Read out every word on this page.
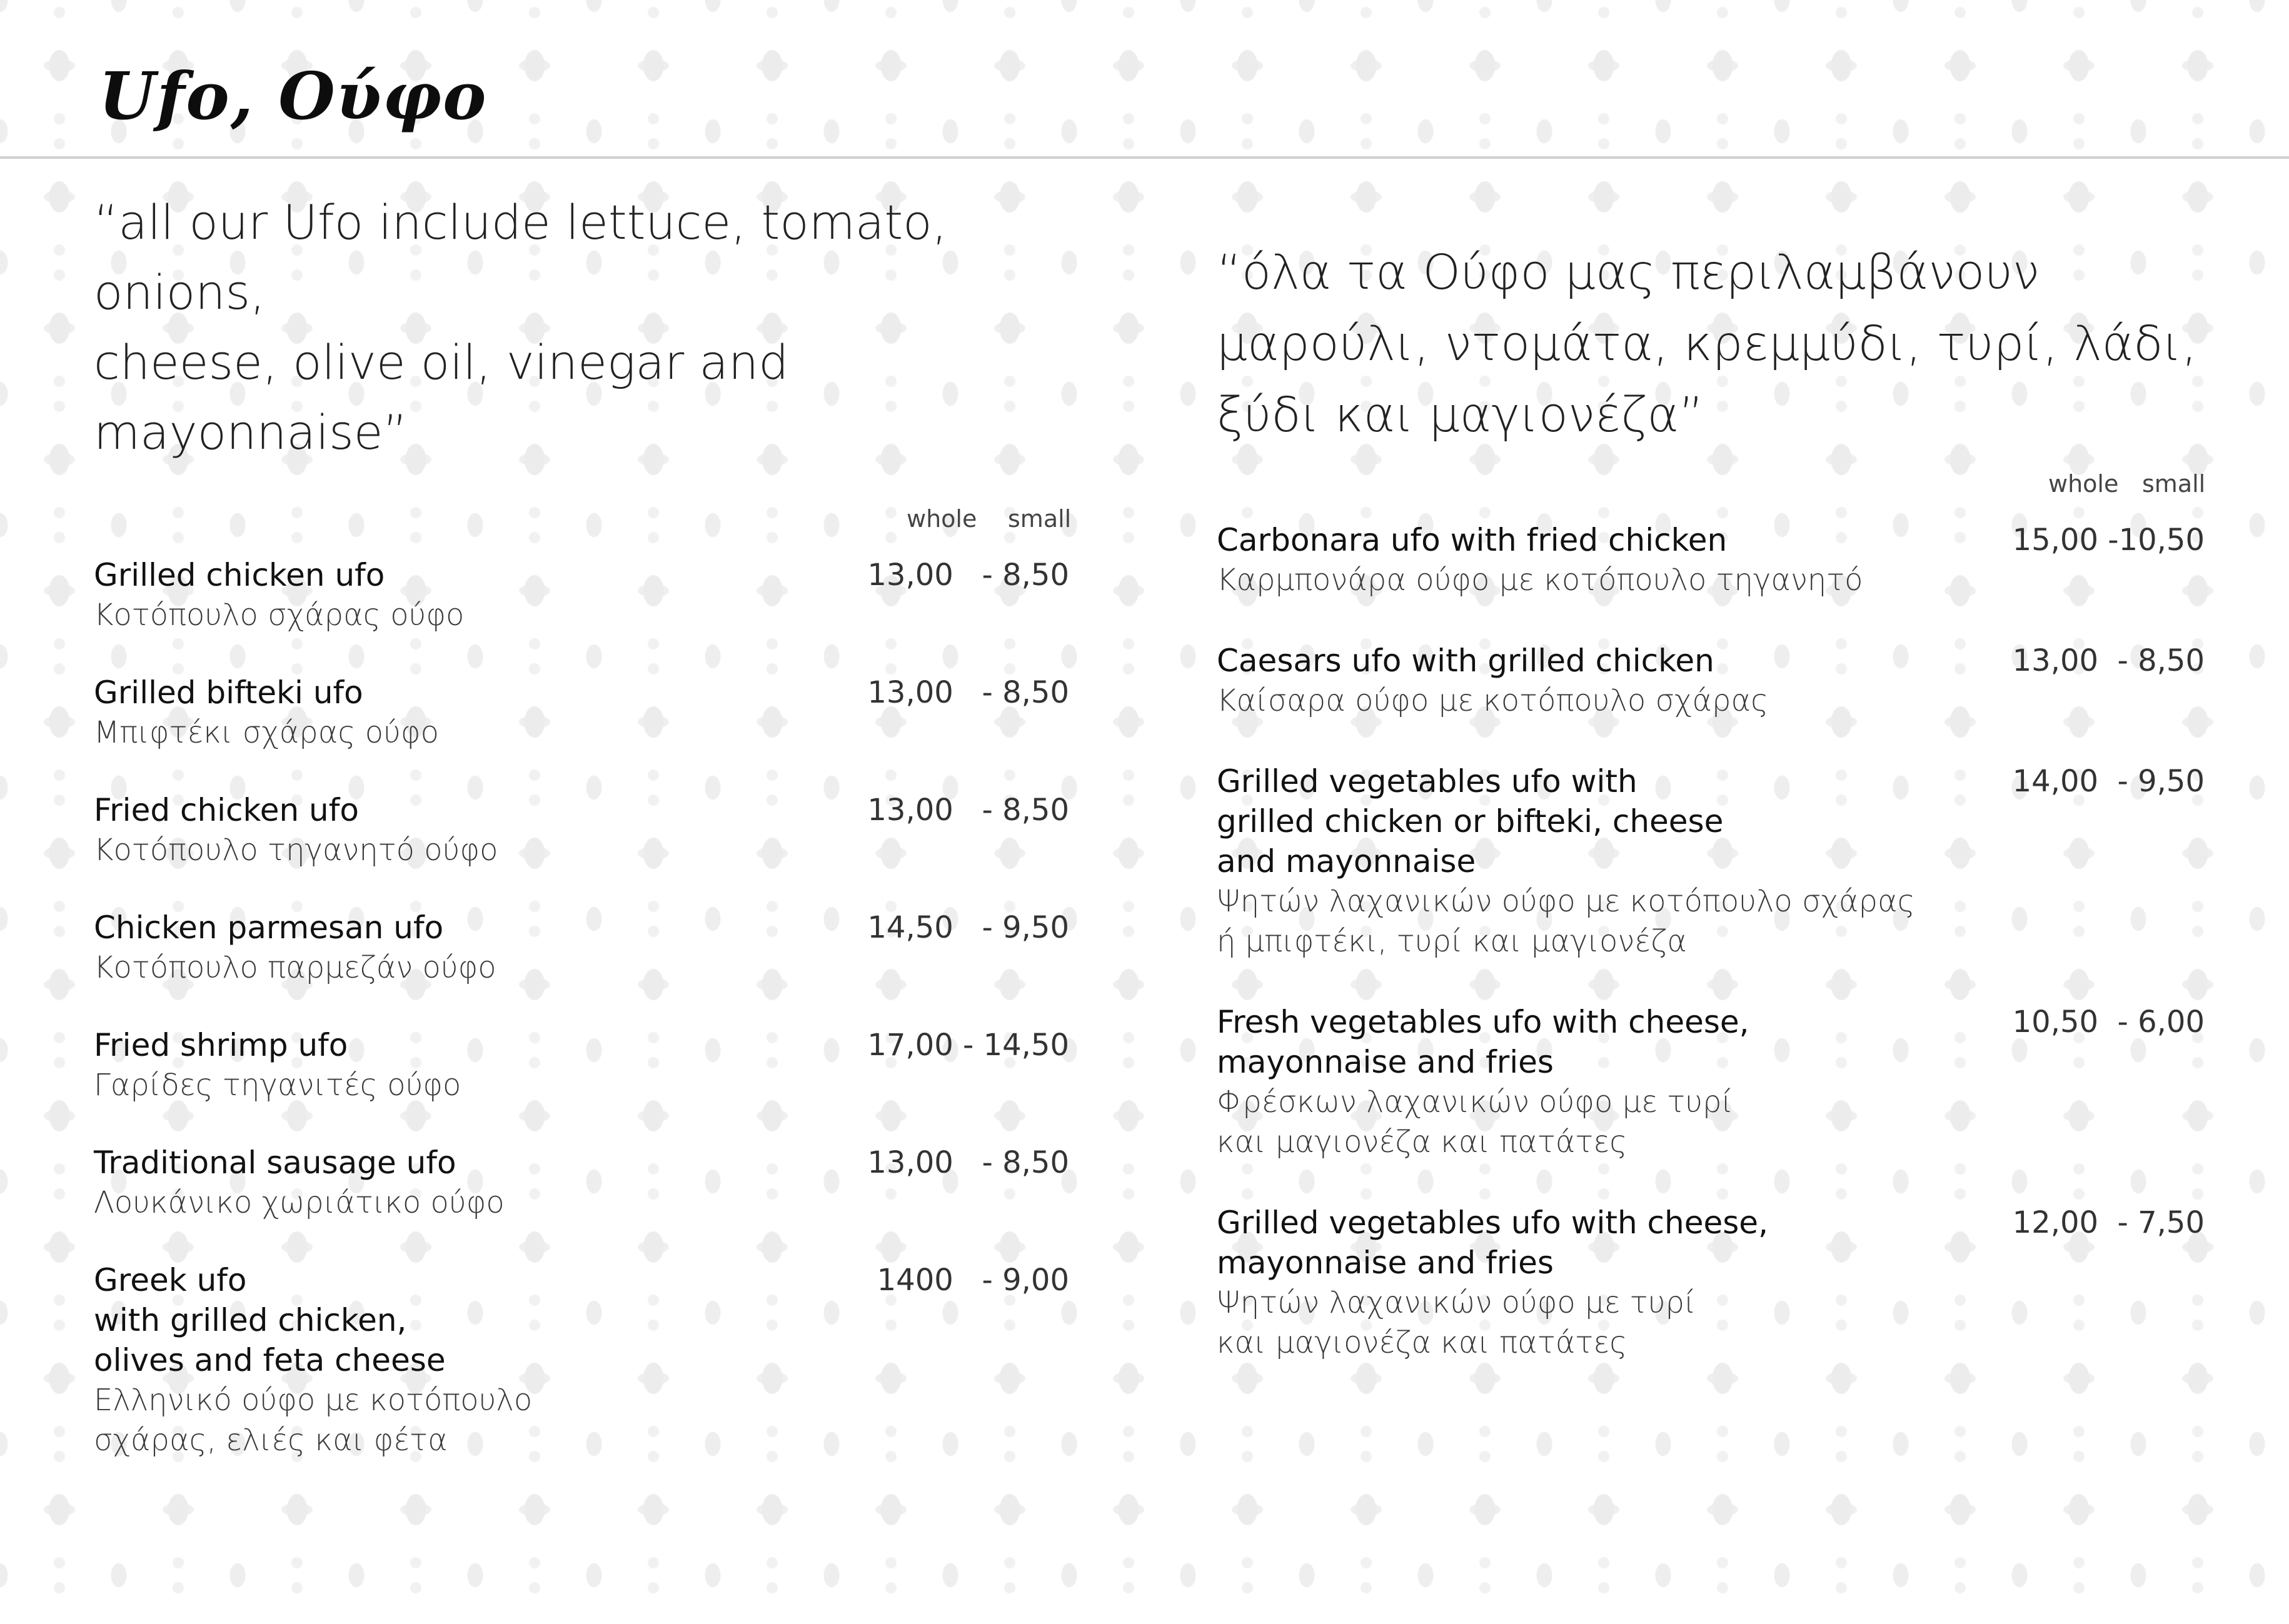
Ufo, Ούφο

“all our Ufo include lettuce, tomato, onions,
cheese, olive oil, vinegar and mayonnaise”

whole small
Grilled chicken ufo
Κοτόπουλο σχάρας ούφο
13,00   - 8,50
Grilled bifteki ufo
Μπιφτέκι σχάρας ούφο
13,00   - 8,50
Fried chicken ufo
Κοτόπουλο τηγανητό ούφο
13,00   - 8,50
Chicken parmesan ufo
Κοτόπουλο παρμεζάν ούφο
14,50   - 9,50
Fried shrimp ufo
Γαρίδες τηγανιτές ούφο
17,00 - 14,50
Traditional sausage ufo
Λουκάνικο χωριάτικο ούφο
13,00   - 8,50
Greek ufo
with grilled chicken,
olives and feta cheese
Ελληνικό ούφο με κοτόπουλο
σχάρας, ελιές και φέτα
1400   - 9,00

“όλα τα Ούφο μας περιλαμβάνουν
μαρούλι, ντομάτα, κρεμμύδι, τυρί, λάδι,
ξύδι και μαγιονέζα”

whole small
Carbonara ufo with fried chicken
Καρμπονάρα ούφο με κοτόπουλο τηγανητό
15,00 -10,50
Caesars ufo with grilled chicken
Καίσαρα ούφο με κοτόπουλο σχάρας
13,00  - 8,50
Grilled vegetables ufo with
grilled chicken or bifteki, cheese
and mayonnaise
Ψητών λαχανικών ούφο με κοτόπουλο σχάρας
ή μπιφτέκι, τυρί και μαγιονέζα
14,00  - 9,50
Fresh vegetables ufo with cheese,
mayonnaise and fries
Φρέσκων λαχανικών ούφο με τυρί
και μαγιονέζα και πατάτες
10,50  - 6,00
Grilled vegetables ufo with cheese,
mayonnaise and fries
Ψητών λαχανικών ούφο με τυρί
και μαγιονέζα και πατάτες
12,00  - 7,50
